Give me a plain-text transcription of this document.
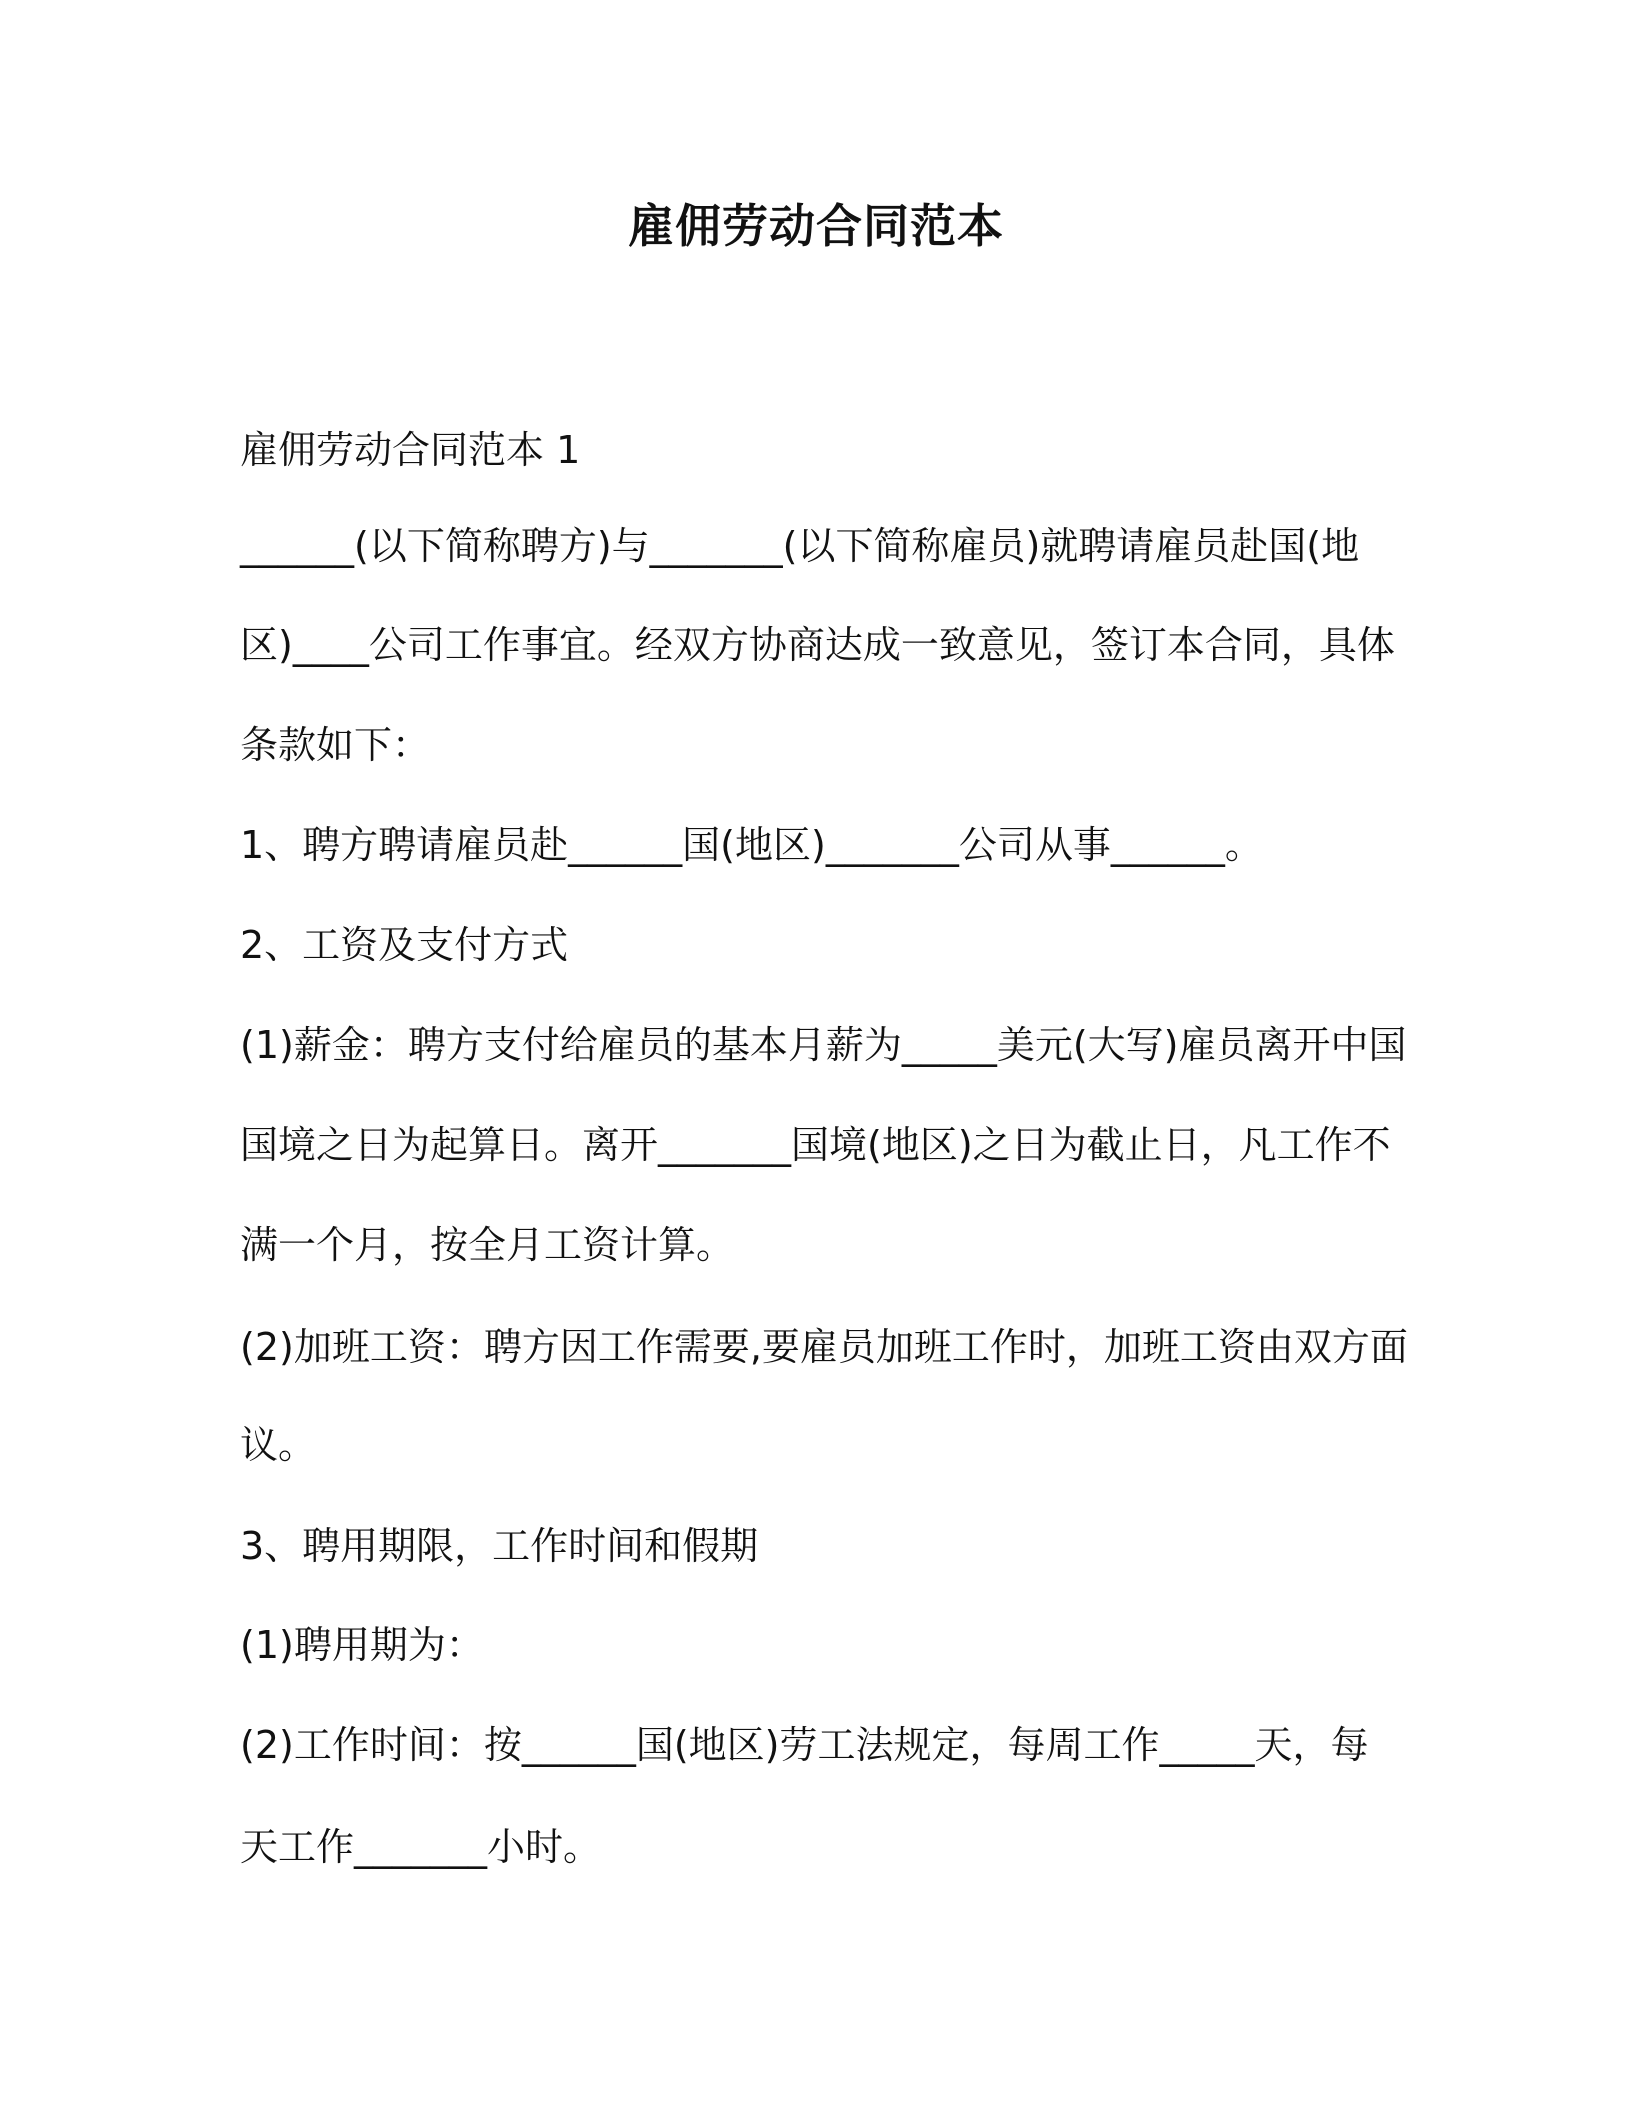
雇佣劳动合同范本
雇佣劳动合同范本 1
______(以下简称聘方)与_______(以下简称雇员)就聘请雇员赴国(地
区)____公司工作事宜。经双方协商达成一致意见，签订本合同，具体
条款如下：
1、聘方聘请雇员赴______国(地区)_______公司从事______。
2、工资及支付方式
(1)薪金：聘方支付给雇员的基本月薪为_____美元(大写)雇员离开中国
国境之日为起算日。离开_______国境(地区)之日为截止日，凡工作不
满一个月，按全月工资计算。
(2)加班工资：聘方因工作需要,要雇员加班工作时，加班工资由双方面
议。
3、聘用期限，工作时间和假期
(1)聘用期为：
(2)工作时间：按______国(地区)劳工法规定，每周工作_____天，每
天工作_______小时。
